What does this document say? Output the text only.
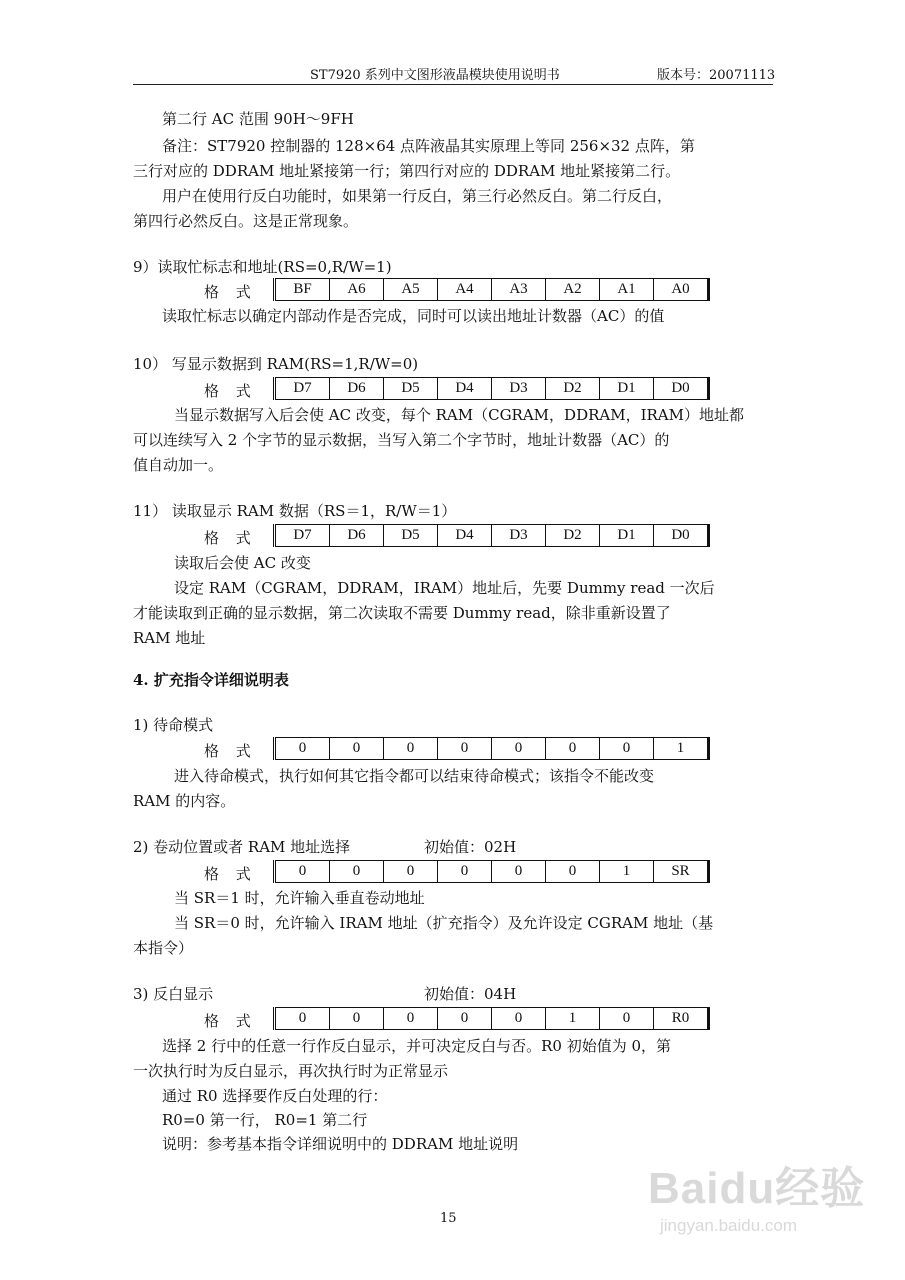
ST7920 系列中文图形液晶模块使用说明书	版本号：20071113
第二行 AC 范围 90H～9FH
备注：ST7920 控制器的 128×64 点阵液晶其实原理上等同 256×32 点阵，第
三行对应的 DDRAM 地址紧接第一行；第四行对应的 DDRAM 地址紧接第二行。
用户在使用行反白功能时，如果第一行反白，第三行必然反白。第二行反白，
第四行必然反白。这是正常现象。
9）读取忙标志和地址(RS=0,R/W=1)
格 式 BF	A6	A5	A4	A3	A2	A1	A0
读取忙标志以确定内部动作是否完成，同时可以读出地址计数器（AC）的值
10） 写显示数据到 RAM(RS=1,R/W=0)
格 式 D7	D6	D5	D4	D3	D2	D1	D0
当显示数据写入后会使 AC 改变，每个 RAM（CGRAM，DDRAM，IRAM）地址都
可以连续写入 2 个字节的显示数据，当写入第二个字节时，地址计数器（AC）的
值自动加一。
11） 读取显示 RAM 数据（RS＝1，R/W＝1）
格 式 D7	D6	D5	D4	D3	D2	D1	D0
读取后会使 AC 改变
设定 RAM（CGRAM，DDRAM，IRAM）地址后，先要 Dummy read 一次后
才能读取到正确的显示数据，第二次读取不需要 Dummy read，除非重新设置了
RAM 地址
4. 扩充指令详细说明表
1) 待命模式
格 式	0	0	0	0	0	0	0	1
进入待命模式，执行如何其它指令都可以结束待命模式；该指令不能改变
RAM 的内容。
2) 卷动位置或者 RAM 地址选择	初始值：02H
格 式	0	0	0	0	0	0	1	SR
当 SR＝1 时，允许输入垂直卷动地址
当 SR＝0 时，允许输入 IRAM 地址（扩充指令）及允许设定 CGRAM 地址（基
本指令）
3) 反白显示	初始值：04H
格 式	0	0	0	0	0	1	0	R0
选择 2 行中的任意一行作反白显示，并可决定反白与否。R0 初始值为 0，第
一次执行时为反白显示，再次执行时为正常显示
通过 R0 选择要作反白处理的行：
R0=0 第一行， R0=1 第二行
说明：参考基本指令详细说明中的 DDRAM 地址说明
15
Baidu经验
jingyan.baidu.com
